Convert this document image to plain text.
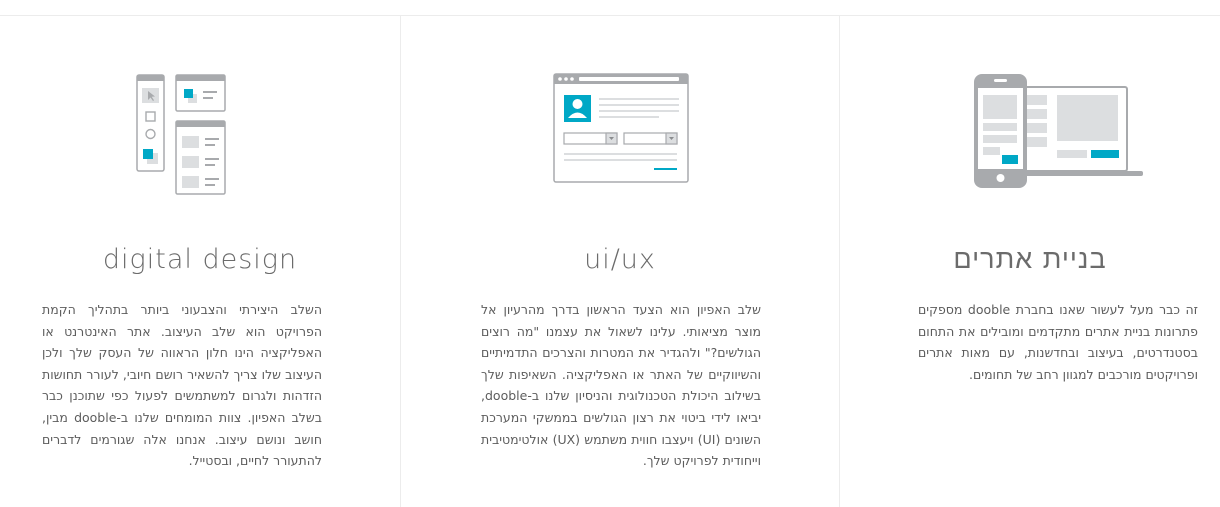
digital design

השלב היצירתי והצבעוני ביותר בתהליך הקמת הפרויקט הוא שלב העיצוב. אתר האינטרנט או האפליקציה הינו חלון הראווה של העסק שלך ולכן העיצוב שלו צריך להשאיר רושם חיובי, לעורר תחושות הזדהות ולגרום למשתמשים לפעול כפי שתוכנן כבר בשלב האפיון. צוות המומחים שלנו ב-dooble מבין, חושב ונושם עיצוב. אנחנו אלה שגורמים לדברים להתעורר לחיים, ובסטייל.

ui/ux

שלב האפיון הוא הצעד הראשון בדרך מהרעיון אל מוצר מציאותי. עלינו לשאול את עצמנו "מה רוצים הגולשים?" ולהגדיר את המטרות והצרכים התדמיתיים והשיווקיים של האתר או האפליקציה. השאיפות שלך בשילוב היכולת הטכנולוגית והניסיון שלנו ב-dooble, יביאו לידי ביטוי את רצון הגולשים בממשקי המערכת השונים (UI) ויעצבו חווית משתמש (UX) אולטימטיבית וייחודית לפרויקט שלך.

בניית אתרים

זה כבר מעל לעשור שאנו בחברת dooble מספקים פתרונות בניית אתרים מתקדמים ומובילים את התחום בסטנדרטים, בעיצוב ובחדשנות, עם מאות אתרים ופרויקטים מורכבים למגוון רחב של תחומים.
